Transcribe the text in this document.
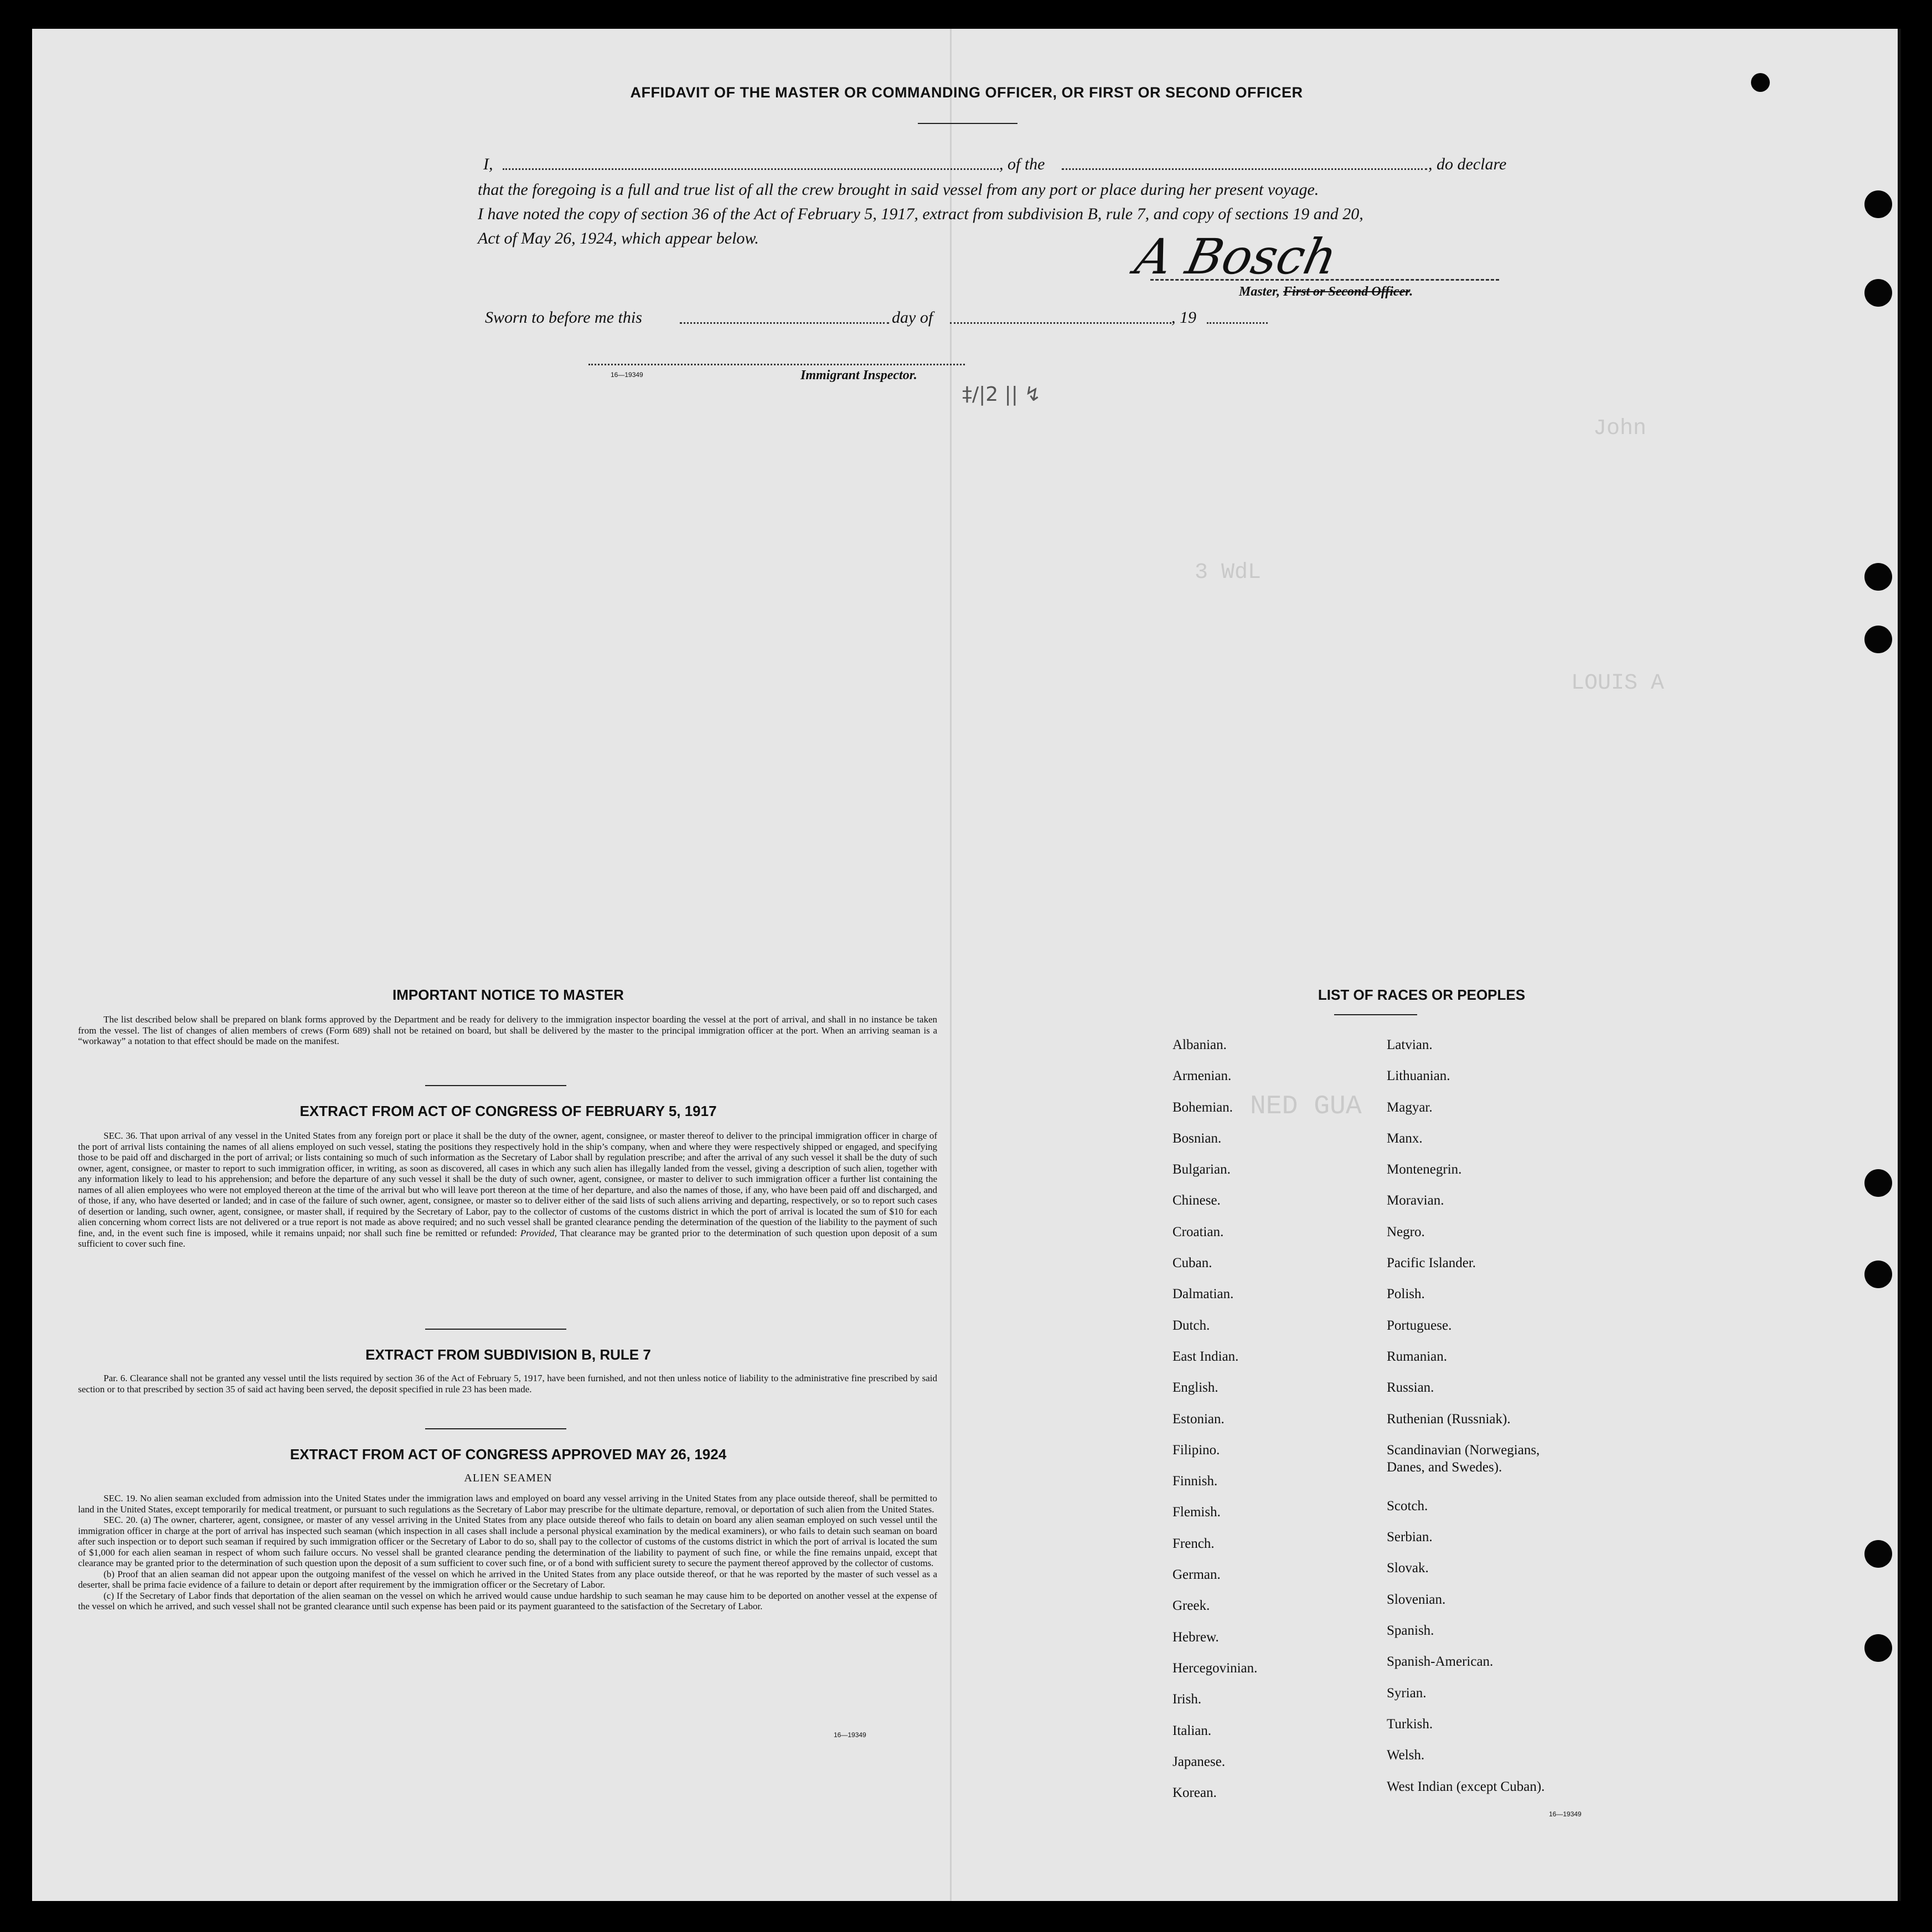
NED GUA
John
LOUIS A
3 WdL
‡/|2 || ↯
AFFIDAVIT OF THE MASTER OR COMMANDING OFFICER, OR FIRST OR SECOND OFFICER
I,	, of the	, do declare
that the foregoing is a full and true list of all the crew brought in said vessel from any port or place during her present voyage.
I have noted the copy of section 36 of the Act of February 5, 1917, extract from subdivision B, rule 7, and copy of sections 19 and 20,
Act of May 26, 1924, which appear below.	A Bosch
Master, First or Second Officer.
Sworn to before me this	day of	, 19
16—19349	Immigrant Inspector.
IMPORTANT NOTICE TO MASTER

The list described below shall be prepared on blank forms approved by the Department and be ready for delivery to the immigration inspector boarding the vessel at the port of arrival, and shall in no instance be taken from the vessel. The list of changes of alien members of crews (Form 689) shall not be retained on board, but shall be delivered by the master to the principal immigration officer at the port. When an arriving seaman is a “workaway” a notation to that effect should be made on the manifest.

EXTRACT FROM ACT OF CONGRESS OF FEBRUARY 5, 1917

SEC. 36. That upon arrival of any vessel in the United States from any foreign port or place it shall be the duty of the owner, agent, consignee, or master thereof to deliver to the principal immigration officer in charge of the port of arrival lists containing the names of all aliens employed on such vessel, stating the positions they respectively hold in the ship’s company, when and where they were respectively shipped or engaged, and specifying those to be paid off and discharged in the port of arrival; or lists containing so much of such information as the Secretary of Labor shall by regulation prescribe; and after the arrival of any such vessel it shall be the duty of such owner, agent, consignee, or master to report to such immigration officer, in writing, as soon as discovered, all cases in which any such alien has illegally landed from the vessel, giving a description of such alien, together with any information likely to lead to his apprehension; and before the departure of any such vessel it shall be the duty of such owner, agent, consignee, or master to deliver to such immigration officer a further list containing the names of all alien employees who were not employed thereon at the time of the arrival but who will leave port thereon at the time of her departure, and also the names of those, if any, who have been paid off and discharged, and of those, if any, who have deserted or landed; and in case of the failure of such owner, agent, consignee, or master so to deliver either of the said lists of such aliens arriving and departing, respectively, or so to report such cases of desertion or landing, such owner, agent, consignee, or master shall, if required by the Secretary of Labor, pay to the collector of customs of the customs district in which the port of arrival is located the sum of $10 for each alien concerning whom correct lists are not delivered or a true report is not made as above required; and no such vessel shall be granted clearance pending the determination of the question of the liability to the payment of such fine, and, in the event such fine is imposed, while it remains unpaid; nor shall such fine be remitted or refunded: Provided, That clearance may be granted prior to the determination of such question upon deposit of a sum sufficient to cover such fine.

EXTRACT FROM SUBDIVISION B, RULE 7

Par. 6. Clearance shall not be granted any vessel until the lists required by section 36 of the Act of February 5, 1917, have been furnished, and not then unless notice of liability to the administrative fine prescribed by said section or to that prescribed by section 35 of said act having been served, the deposit specified in rule 23 has been made.

EXTRACT FROM ACT OF CONGRESS APPROVED MAY 26, 1924
ALIEN SEAMEN

SEC. 19. No alien seaman excluded from admission into the United States under the immigration laws and employed on board any vessel arriving in the United States from any place outside thereof, shall be permitted to land in the United States, except temporarily for medical treatment, or pursuant to such regulations as the Secretary of Labor may prescribe for the ultimate departure, removal, or deportation of such alien from the United States.

SEC. 20. (a) The owner, charterer, agent, consignee, or master of any vessel arriving in the United States from any place outside thereof who fails to detain on board any alien seaman employed on such vessel until the immigration officer in charge at the port of arrival has inspected such seaman (which inspection in all cases shall include a personal physical examination by the medical examiners), or who fails to detain such seaman on board after such inspection or to deport such seaman if required by such immigration officer or the Secretary of Labor to do so, shall pay to the collector of customs of the customs district in which the port of arrival is located the sum of $1,000 for each alien seaman in respect of whom such failure occurs. No vessel shall be granted clearance pending the determination of the liability to payment of such fine, or while the fine remains unpaid, except that clearance may be granted prior to the determination of such question upon the deposit of a sum sufficient to cover such fine, or of a bond with sufficient surety to secure the payment thereof approved by the collector of customs.

(b) Proof that an alien seaman did not appear upon the outgoing manifest of the vessel on which he arrived in the United States from any place outside thereof, or that he was reported by the master of such vessel as a deserter, shall be prima facie evidence of a failure to detain or deport after requirement by the immigration officer or the Secretary of Labor.

(c) If the Secretary of Labor finds that deportation of the alien seaman on the vessel on which he arrived would cause undue hardship to such seaman he may cause him to be deported on another vessel at the expense of the vessel on which he arrived, and such vessel shall not be granted clearance until such expense has been paid or its payment guaranteed to the satisfaction of the Secretary of Labor.

16—19349
LIST OF RACES OR PEOPLES
Albanian.
Armenian.
Bohemian.
Bosnian.
Bulgarian.
Chinese.
Croatian.
Cuban.
Dalmatian.
Dutch.
East Indian.
English.
Estonian.
Filipino.
Finnish.
Flemish.
French.
German.
Greek.
Hebrew.
Hercegovinian.
Irish.
Italian.
Japanese.
Korean.
Latvian.
Lithuanian.
Magyar.
Manx.
Montenegrin.
Moravian.
Negro.
Pacific Islander.
Polish.
Portuguese.
Rumanian.
Russian.
Ruthenian (Russniak).
Scandinavian (Norwegians,
Danes, and Swedes).
Scotch.
Serbian.
Slovak.
Slovenian.
Spanish.
Spanish-American.
Syrian.
Turkish.
Welsh.
West Indian (except Cuban).
16—19349
